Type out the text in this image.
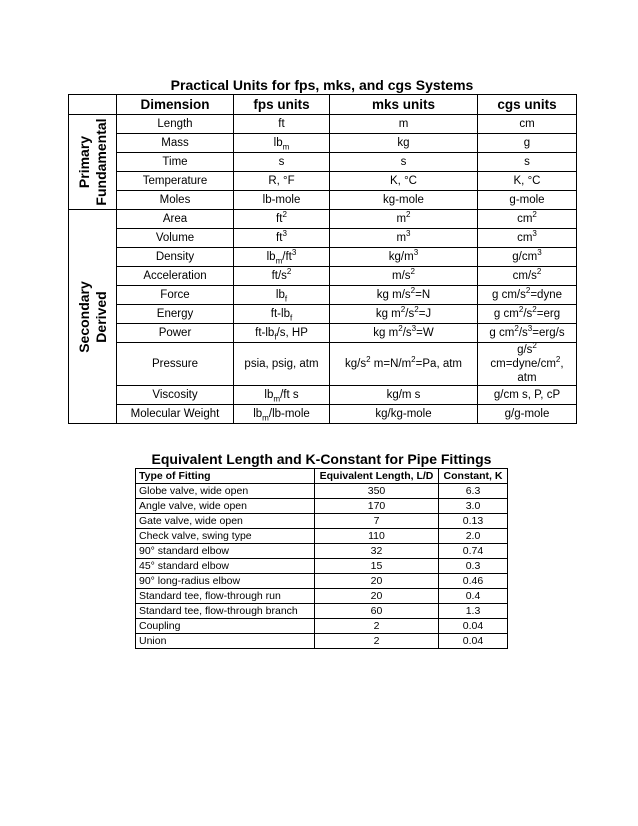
Practical Units for fps, mks, and cgs Systems
	Dimension	fps units	mks units	cgs units

Primary Fundamental	Length	ft	m	cm
	Mass	$lb_m$	kg	g
	Time	s	s	s
	Temperature	R, °F	K, °C	K, °C
	Moles	lb-mole	kg-mole	g-mole

Secondary Derived	Area	$ft^2$	$m^2$	$cm^2$
	Volume	$ft^3$	$m^3$	$cm^3$
	Density	$lb_m/ft^3$	$kg/m^3$	$g/cm^3$
	Acceleration	$ft/s^2$	$m/s^2$	$cm/s^2$
	Force	$lb_f$	kg $m/s^2=N$	g $cm/s^2=dyne$
	Energy	$ft-lb_f$	kg $m^2/s^2=J$	g $cm^2/s^2=erg$
	Power	$ft-lb_f/s$, HP	kg $m^2/s^3=W$	g $cm^2/s^3=erg/s$
	Pressure	psia, psig, atm	$kg/s^2$ $m=N/m^2=Pa$, atm	$g/s^2$ $cm=dyne/cm^2$, atm
	Viscosity	$lb_m/ft$ s	kg/m s	g/cm s, P, cP
	Molecular Weight	$lb_m/lb$-mole	kg/kg-mole	g/g-mole
Equivalent Length and K-Constant for Pipe Fittings
Type of Fitting	Equivalent Length, L/D	Constant, K
Globe valve, wide open	350	6.3
Angle valve, wide open	170	3.0
Gate valve, wide open	7	0.13
Check valve, swing type	110	2.0
90° standard elbow	32	0.74
45° standard elbow	15	0.3
90° long-radius elbow	20	0.46
Standard tee, flow-through run	20	0.4
Standard tee, flow-through branch	60	1.3
Coupling	2	0.04
Union	2	0.04
